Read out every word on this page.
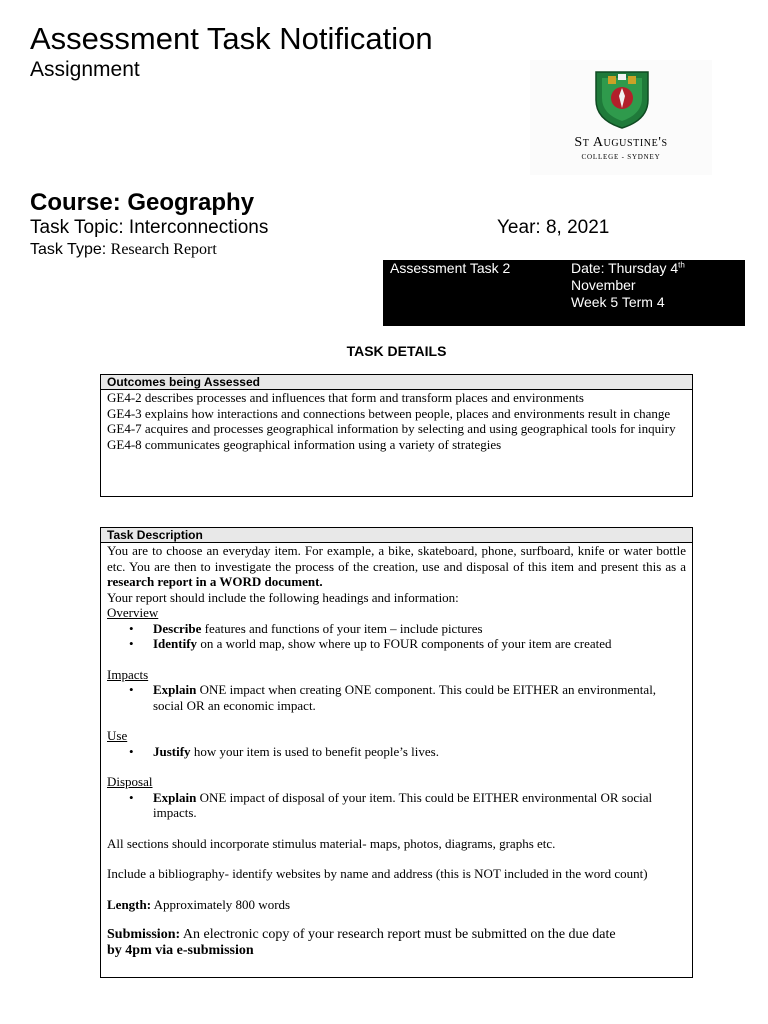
Assessment Task Notification
Assignment
St Augustine's
COLLEGE - SYDNEY
Course: Geography
Task Topic: Interconnections	Year: 8, 2021
Task Type: Research Report
Assessment Task 2	Date: Thursday 4th
November
Week 5 Term 4
TASK DETAILS
Outcomes being Assessed
GE4-2 describes processes and influences that form and transform places and environments
GE4-3 explains how interactions and connections between people, places and environments result in change
GE4-7 acquires and processes geographical information by selecting and using geographical tools for inquiry
GE4-8 communicates geographical information using a variety of strategies
Task Description
You are to choose an everyday item. For example, a bike, skateboard, phone, surfboard, knife or water bottle etc. You are then to investigate the process of the creation, use and disposal of this item and present this as a research report in a WORD document.
Your report should include the following headings and information:
Overview
• Describe features and functions of your item – include pictures
• Identify on a world map, show where up to FOUR components of your item are created
Impacts
• Explain ONE impact when creating ONE component. This could be EITHER an environmental, social OR an economic impact.
Use
• Justify how your item is used to benefit people’s lives.
Disposal
• Explain ONE impact of disposal of your item. This could be EITHER environmental OR social impacts.
All sections should incorporate stimulus material- maps, photos, diagrams, graphs etc.
Include a bibliography- identify websites by name and address (this is NOT included in the word count)
Length: Approximately 800 words
Submission: An electronic copy of your research report must be submitted on the due date
by 4pm via e-submission
